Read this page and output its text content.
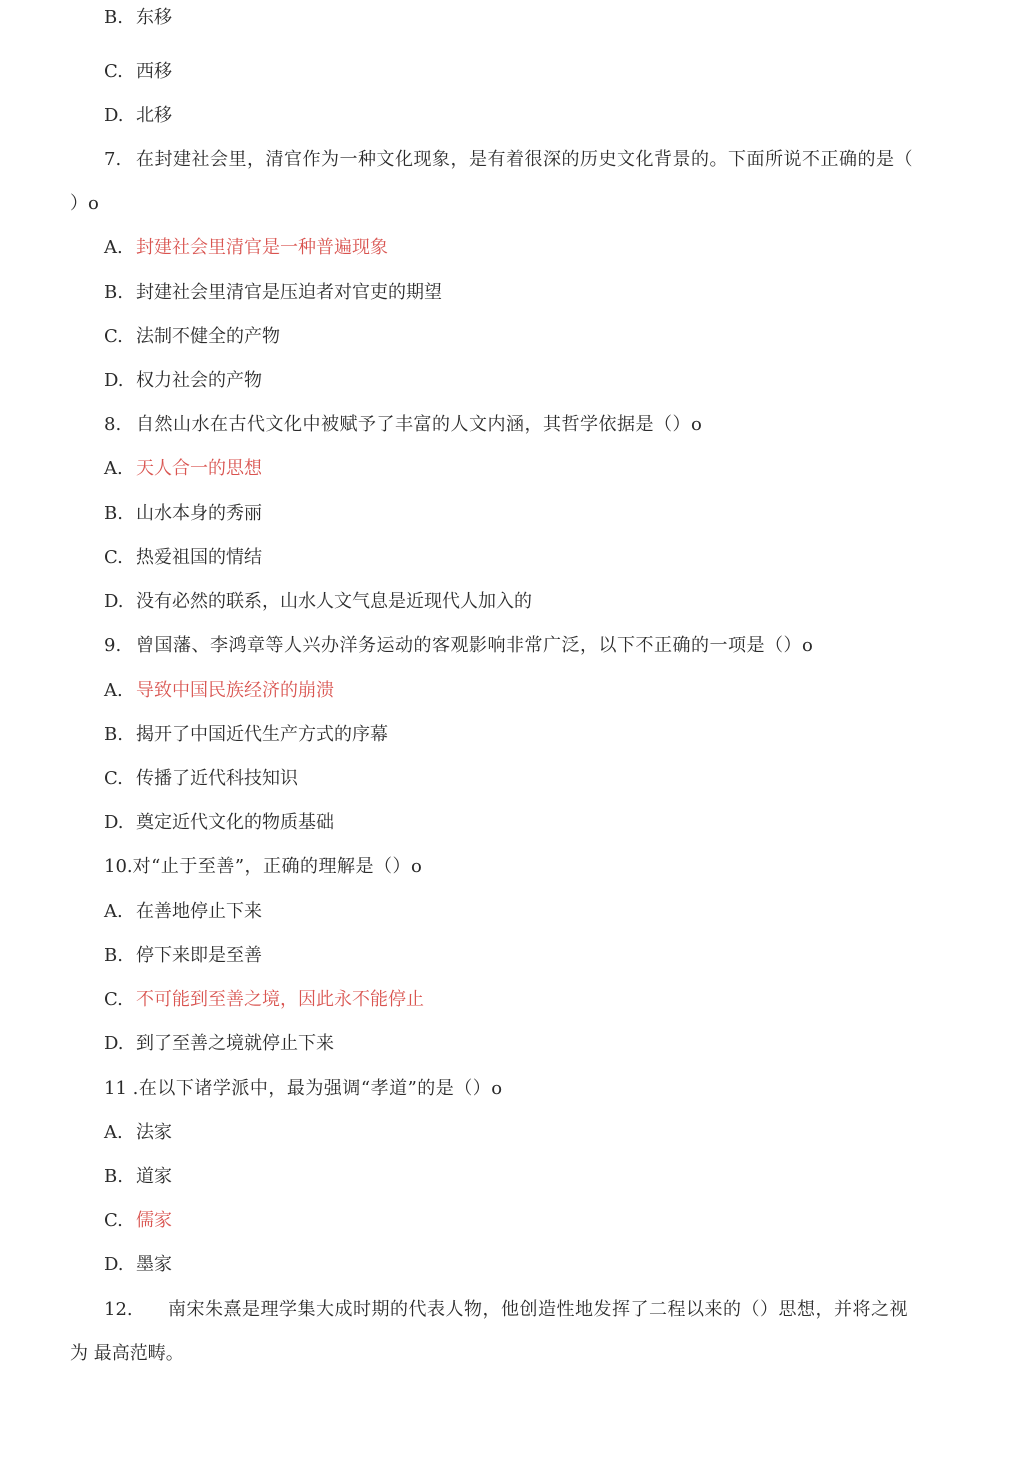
B. 东移
C. 西移
D. 北移
7. 在封建社会里，清官作为一种文化现象，是有着很深的历史文化背景的。下面所说不正确的是（
）o
A. 封建社会里清官是一种普遍现象
B. 封建社会里清官是压迫者对官吏的期望
C. 法制不健全的产物
D. 权力社会的产物
8. 自然山水在古代文化中被赋予了丰富的人文内涵，其哲学依据是（）o
A. 天人合一的思想
B. 山水本身的秀丽
C. 热爱祖国的情结
D. 没有必然的联系，山水人文气息是近现代人加入的
9. 曾国藩、李鸿章等人兴办洋务运动的客观影响非常广泛，以下不正确的一项是（）o
A. 导致中国民族经济的崩溃
B. 揭开了中国近代生产方式的序幕
C. 传播了近代科技知识
D. 奠定近代文化的物质基础
10.对“止于至善”，正确的理解是（）o
A. 在善地停止下来
B. 停下来即是至善
C. 不可能到至善之境，因此永不能停止
D. 到了至善之境就停止下来
11 .在以下诸学派中，最为强调“孝道”的是（）o
A. 法家
B. 道家
C. 儒家
D. 墨家
12. 南宋朱熹是理学集大成时期的代表人物，他创造性地发挥了二程以来的（）思想，并将之视
为 最高范畴。
